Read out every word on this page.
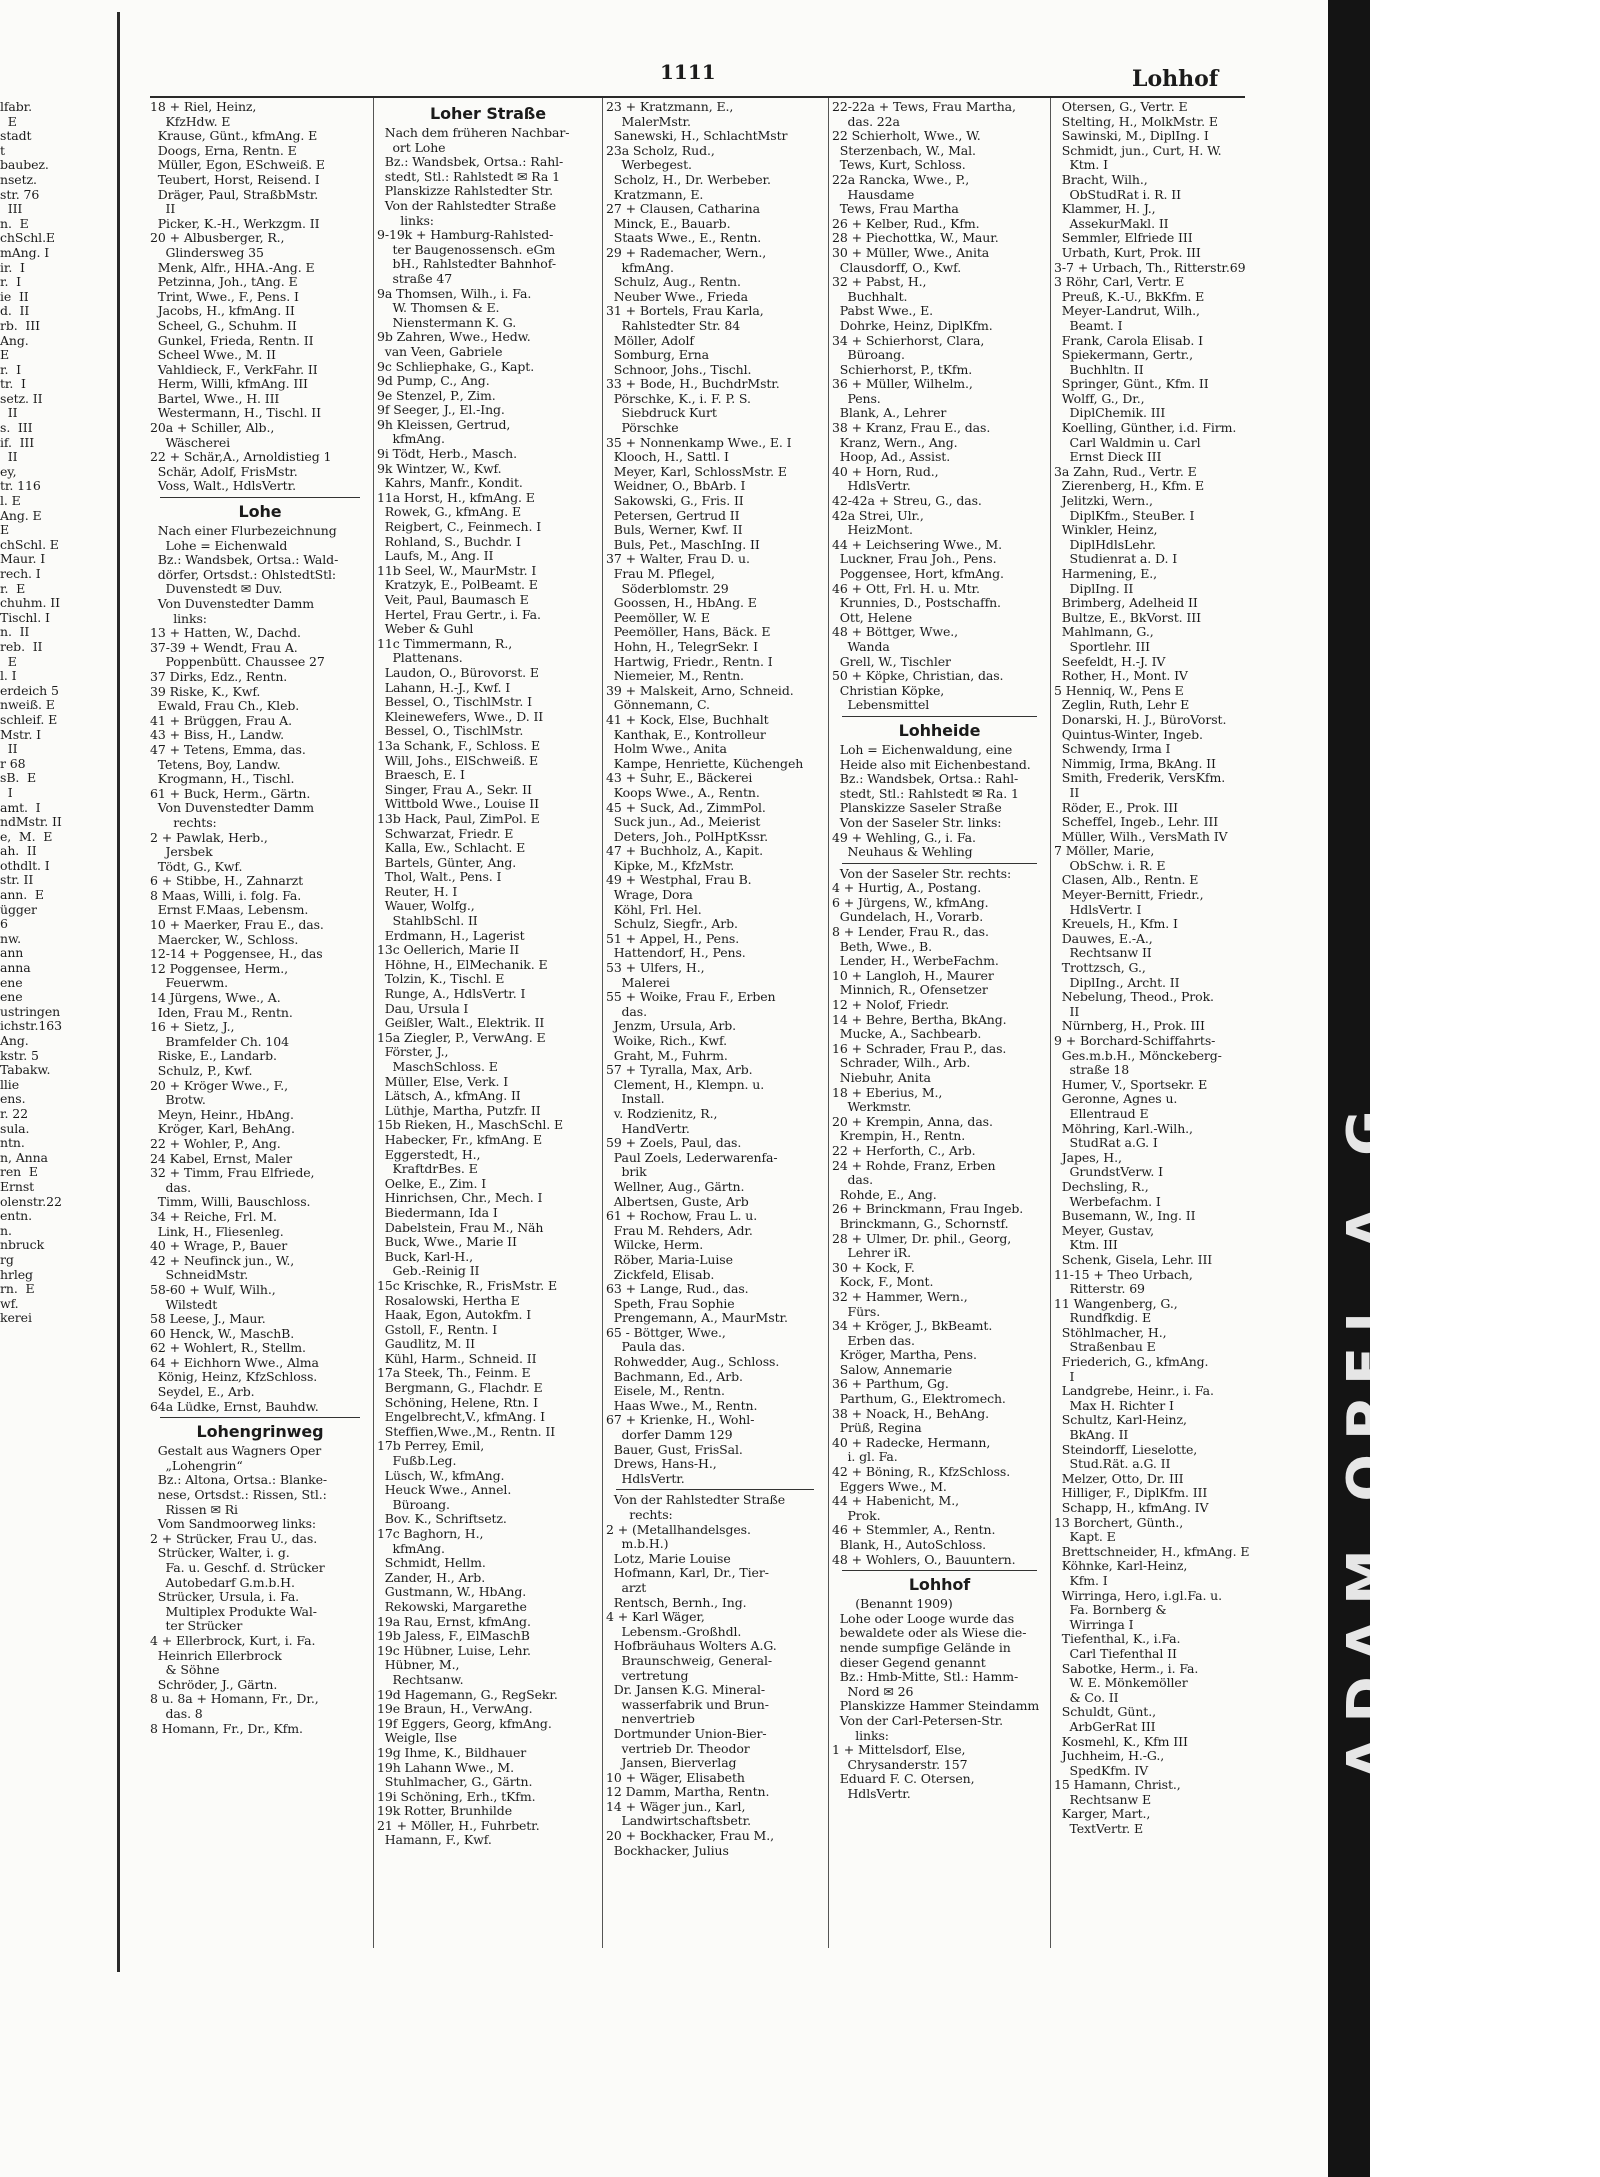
1111	Lohhof
lfabr.
E
stadt
t
baubez.
nsetz.
str. 76
III
n.  E
chSchl.E
mAng. I
ir.  I
r.  I
ie  II
d.  II
rb.  III
Ang.
E
r.  I
tr.  I
setz. II
II
s.  III
if.  III
II
ey,
tr. 116
l. E
Ang. E
E
chSchl. E
Maur. I
rech. I
r.  E
chuhm. II
Tischl. I
n.  II
reb.  II
E
l. I
erdeich 5
nweiß. E
schleif. E
Mstr. I
II
r 68
sB.  E
I
amt.  I
ndMstr. II
e,  M.  E
ah.  II
othdlt. I
str. II
ann.  E
ügger
6
nw.
ann
anna
ene
ene
ustringen
ichstr.163
Ang.
kstr. 5
Tabakw.
llie
ens.
r. 22
sula.
ntn.
n, Anna
ren  E
Ernst
olenstr.22
entn.
n.
nbruck
rg
hrleg
rn.  E
wf.
kerei
18 + Riel, Heinz,
KfzHdw. E
Krause, Günt., kfmAng. E
Doogs, Erna, Rentn. E
Müller, Egon, ESchweiß. E
Teubert, Horst, Reisend. I
Dräger, Paul, StraßbMstr.
II
Picker, K.-H., Werkzgm. II
20 + Albusberger, R.,
Glindersweg 35
Menk, Alfr., HHA.-Ang. E
Petzinna, Joh., tAng. E
Trint, Wwe., F., Pens. I
Jacobs, H., kfmAng. II
Scheel, G., Schuhm. II
Gunkel, Frieda, Rentn. II
Scheel Wwe., M. II
Vahldieck, F., VerkFahr. II
Herm, Willi, kfmAng. III
Bartel, Wwe., H. III
Westermann, H., Tischl. II
20a + Schiller, Alb.,
Wäscherei
22 + Schär,A., Arnoldistieg 1
Schär, Adolf, FrisMstr.
Voss, Walt., HdlsVertr.
Lohe
Nach einer Flurbezeichnung
Lohe = Eichenwald
Bz.: Wandsbek, Ortsa.: Wald-
dörfer, Ortsdst.: OhlstedtStl:
Duvenstedt ✉ Duv.
Von Duvenstedter Damm
links:
13 + Hatten, W., Dachd.
37-39 + Wendt, Frau A.
Poppenbütt. Chaussee 27
37 Dirks, Edz., Rentn.
39 Riske, K., Kwf.
Ewald, Frau Ch., Kleb.
41 + Brüggen, Frau A.
43 + Biss, H., Landw.
47 + Tetens, Emma, das.
Tetens, Boy, Landw.
Krogmann, H., Tischl.
61 + Buck, Herm., Gärtn.
Von Duvenstedter Damm
rechts:
2 + Pawlak, Herb.,
Jersbek
Tödt, G., Kwf.
6 + Stibbe, H., Zahnarzt
8 Maas, Willi, i. folg. Fa.
Ernst F.Maas, Lebensm.
10 + Maerker, Frau E., das.
Maercker, W., Schloss.
12-14 + Poggensee, H., das
12 Poggensee, Herm.,
Feuerwm.
14 Jürgens, Wwe., A.
Iden, Frau M., Rentn.
16 + Sietz, J.,
Bramfelder Ch. 104
Riske, E., Landarb.
Schulz, P., Kwf.
20 + Kröger Wwe., F.,
Brotw.
Meyn, Heinr., HbAng.
Kröger, Karl, BehAng.
22 + Wohler, P., Ang.
24 Kabel, Ernst, Maler
32 + Timm, Frau Elfriede,
das.
Timm, Willi, Bauschloss.
34 + Reiche, Frl. M.
Link, H., Fliesenleg.
40 + Wrage, P., Bauer
42 + Neufinck jun., W.,
SchneidMstr.
58-60 + Wulf, Wilh.,
Wilstedt
58 Leese, J., Maur.
60 Henck, W., MaschB.
62 + Wohlert, R., Stellm.
64 + Eichhorn Wwe., Alma
König, Heinz, KfzSchloss.
Seydel, E., Arb.
64a Lüdke, Ernst, Bauhdw.
Lohengrinweg
Gestalt aus Wagners Oper
„Lohengrin“
Bz.: Altona, Ortsa.: Blanke-
nese, Ortsdst.: Rissen, Stl.:
Rissen ✉ Ri
Vom Sandmoorweg links:
2 + Strücker, Frau U., das.
Strücker, Walter, i. g.
Fa. u. Geschf. d. Strücker
Autobedarf G.m.b.H.
Strücker, Ursula, i. Fa.
Multiplex Produkte Wal-
ter Strücker
4 + Ellerbrock, Kurt, i. Fa.
Heinrich Ellerbrock
& Söhne
Schröder, J., Gärtn.
8 u. 8a + Homann, Fr., Dr.,
das. 8
8 Homann, Fr., Dr., Kfm.
Loher Straße
Nach dem früheren Nachbar-
ort Lohe
Bz.: Wandsbek, Ortsa.: Rahl-
stedt, Stl.: Rahlstedt ✉ Ra 1
Planskizze Rahlstedter Str.
Von der Rahlstedter Straße
links:
9-19k + Hamburg-Rahlsted-
ter Baugenossensch. eGm
bH., Rahlstedter Bahnhof-
straße 47
9a Thomsen, Wilh., i. Fa.
W. Thomsen & E.
Nienstermann K. G.
9b Zahren, Wwe., Hedw.
van Veen, Gabriele
9c Schliephake, G., Kapt.
9d Pump, C., Ang.
9e Stenzel, P., Zim.
9f Seeger, J., El.-Ing.
9h Kleissen, Gertrud,
kfmAng.
9i Tödt, Herb., Masch.
9k Wintzer, W., Kwf.
Kahrs, Manfr., Kondit.
11a Horst, H., kfmAng. E
Rowek, G., kfmAng. E
Reigbert, C., Feinmech. I
Rohland, S., Buchdr. I
Laufs, M., Ang. II
11b Seel, W., MaurMstr. I
Kratzyk, E., PolBeamt. E
Veit, Paul, Baumasch E
Hertel, Frau Gertr., i. Fa.
Weber & Guhl
11c Timmermann, R.,
Plattenans.
Laudon, O., Bürovorst. E
Lahann, H.-J., Kwf. I
Bessel, O., TischlMstr. I
Kleinewefers, Wwe., D. II
Bessel, O., TischlMstr.
13a Schank, F., Schloss. E
Will, Johs., ElSchweiß. E
Braesch, E. I
Singer, Frau A., Sekr. II
Wittbold Wwe., Louise II
13b Hack, Paul, ZimPol. E
Schwarzat, Friedr. E
Kalla, Ew., Schlacht. E
Bartels, Günter, Ang.
Thol, Walt., Pens. I
Reuter, H. I
Wauer, Wolfg.,
StahlbSchl. II
Erdmann, H., Lagerist
13c Oellerich, Marie II
Höhne, H., ElMechanik. E
Tolzin, K., Tischl. E
Runge, A., HdlsVertr. I
Dau, Ursula I
Geißler, Walt., Elektrik. II
15a Ziegler, P., VerwAng. E
Förster, J.,
MaschSchloss. E
Müller, Else, Verk. I
Lätsch, A., kfmAng. II
Lüthje, Martha, Putzfr. II
15b Rieken, H., MaschSchl. E
Habecker, Fr., kfmAng. E
Eggerstedt, H.,
KraftdrBes. E
Oelke, E., Zim. I
Hinrichsen, Chr., Mech. I
Biedermann, Ida I
Dabelstein, Frau M., Näh
Buck, Wwe., Marie II
Buck, Karl-H.,
Geb.-Reinig II
15c Krischke, R., FrisMstr. E
Rosalowski, Hertha E
Haak, Egon, Autokfm. I
Gstoll, F., Rentn. I
Gaudlitz, M. II
Kühl, Harm., Schneid. II
17a Steek, Th., Feinm. E
Bergmann, G., Flachdr. E
Schöning, Helene, Rtn. I
Engelbrecht,V., kfmAng. I
Steffien,Wwe.,M., Rentn. II
17b Perrey, Emil,
Fußb.Leg.
Lüsch, W., kfmAng.
Heuck Wwe., Annel.
Büroang.
Bov. K., Schriftsetz.
17c Baghorn, H.,
kfmAng.
Schmidt, Hellm.
Zander, H., Arb.
Gustmann, W., HbAng.
Rekowski, Margarethe
19a Rau, Ernst, kfmAng.
19b Jaless, F., ElMaschB
19c Hübner, Luise, Lehr.
Hübner, M.,
Rechtsanw.
19d Hagemann, G., RegSekr.
19e Braun, H., VerwAng.
19f Eggers, Georg, kfmAng.
Weigle, Ilse
19g Ihme, K., Bildhauer
19h Lahann Wwe., M.
Stuhlmacher, G., Gärtn.
19i Schöning, Erh., tKfm.
19k Rotter, Brunhilde
21 + Möller, H., Fuhrbetr.
Hamann, F., Kwf.
23 + Kratzmann, E.,
MalerMstr.
Sanewski, H., SchlachtMstr
23a Scholz, Rud.,
Werbegest.
Scholz, H., Dr. Werbeber.
Kratzmann, E.
27 + Clausen, Catharina
Minck, E., Bauarb.
Staats Wwe., E., Rentn.
29 + Rademacher, Wern.,
kfmAng.
Schulz, Aug., Rentn.
Neuber Wwe., Frieda
31 + Bortels, Frau Karla,
Rahlstedter Str. 84
Möller, Adolf
Somburg, Erna
Schnoor, Johs., Tischl.
33 + Bode, H., BuchdrMstr.
Pörschke, K., i. F. P. S.
Siebdruck Kurt
Pörschke
35 + Nonnenkamp Wwe., E. I
Klooch, H., Sattl. I
Meyer, Karl, SchlossMstr. E
Weidner, O., BbArb. I
Sakowski, G., Fris. II
Petersen, Gertrud II
Buls, Werner, Kwf. II
Buls, Pet., MaschIng. II
37 + Walter, Frau D. u.
Frau M. Pflegel,
Söderblomstr. 29
Goossen, H., HbAng. E
Peemöller, W. E
Peemöller, Hans, Bäck. E
Hohn, H., TelegrSekr. I
Hartwig, Friedr., Rentn. I
Niemeier, M., Rentn.
39 + Malskeit, Arno, Schneid.
Gönnemann, C.
41 + Kock, Else, Buchhalt
Kanthak, E., Kontrolleur
Holm Wwe., Anita
Kampe, Henriette, Küchengeh
43 + Suhr, E., Bäckerei
Koops Wwe., A., Rentn.
45 + Suck, Ad., ZimmPol.
Suck jun., Ad., Meierist
Deters, Joh., PolHptKssr.
47 + Buchholz, A., Kapit.
Kipke, M., KfzMstr.
49 + Westphal, Frau B.
Wrage, Dora
Köhl, Frl. Hel.
Schulz, Siegfr., Arb.
51 + Appel, H., Pens.
Hattendorf, H., Pens.
53 + Ulfers, H.,
Malerei
55 + Woike, Frau F., Erben
das.
Jenzm, Ursula, Arb.
Woike, Rich., Kwf.
Graht, M., Fuhrm.
57 + Tyralla, Max, Arb.
Clement, H., Klempn. u.
Install.
v. Rodzienitz, R.,
HandVertr.
59 + Zoels, Paul, das.
Paul Zoels, Lederwarenfa-
brik
Wellner, Aug., Gärtn.
Albertsen, Guste, Arb
61 + Rochow, Frau L. u.
Frau M. Rehders, Adr.
Wilcke, Herm.
Röber, Maria-Luise
Zickfeld, Elisab.
63 + Lange, Rud., das.
Speth, Frau Sophie
Prengemann, A., MaurMstr.
65 - Böttger, Wwe.,
Paula das.
Rohwedder, Aug., Schloss.
Bachmann, Ed., Arb.
Eisele, M., Rentn.
Haas Wwe., M., Rentn.
67 + Krienke, H., Wohl-
dorfer Damm 129
Bauer, Gust, FrisSal.
Drews, Hans-H.,
HdlsVertr.
Von der Rahlstedter Straße
rechts:
2 + (Metallhandelsges.
m.b.H.)
Lotz, Marie Louise
Hofmann, Karl, Dr., Tier-
arzt
Rentsch, Bernh., Ing.
4 + Karl Wäger,
Lebensm.-Großhdl.
Hofbräuhaus Wolters A.G.
Braunschweig, General-
vertretung
Dr. Jansen K.G. Mineral-
wasserfabrik und Brun-
nenvertrieb
Dortmunder Union-Bier-
vertrieb Dr. Theodor
Jansen, Bierverlag
10 + Wäger, Elisabeth
12 Damm, Martha, Rentn.
14 + Wäger jun., Karl,
Landwirtschaftsbetr.
20 + Bockhacker, Frau M.,
Bockhacker, Julius
22-22a + Tews, Frau Martha,
das. 22a
22 Schierholt, Wwe., W.
Sterzenbach, W., Mal.
Tews, Kurt, Schloss.
22a Rancka, Wwe., P.,
Hausdame
Tews, Frau Martha
26 + Kelber, Rud., Kfm.
28 + Piechottka, W., Maur.
30 + Müller, Wwe., Anita
Clausdorff, O., Kwf.
32 + Pabst, H.,
Buchhalt.
Pabst Wwe., E.
Dohrke, Heinz, DiplKfm.
34 + Schierhorst, Clara,
Büroang.
Schierhorst, P., tKfm.
36 + Müller, Wilhelm.,
Pens.
Blank, A., Lehrer
38 + Kranz, Frau E., das.
Kranz, Wern., Ang.
Hoop, Ad., Assist.
40 + Horn, Rud.,
HdlsVertr.
42-42a + Streu, G., das.
42a Strei, Ulr.,
HeizMont.
44 + Leichsering Wwe., M.
Luckner, Frau Joh., Pens.
Poggensee, Hort, kfmAng.
46 + Ott, Frl. H. u. Mtr.
Krunnies, D., Postschaffn.
Ott, Helene
48 + Böttger, Wwe.,
Wanda
Grell, W., Tischler
50 + Köpke, Christian, das.
Christian Köpke,
Lebensmittel
Lohheide
Loh = Eichenwaldung, eine
Heide also mit Eichenbestand.
Bz.: Wandsbek, Ortsa.: Rahl-
stedt, Stl.: Rahlstedt ✉ Ra. 1
Planskizze Saseler Straße
Von der Saseler Str. links:
49 + Wehling, G., i. Fa.
Neuhaus & Wehling
Von der Saseler Str. rechts:
4 + Hurtig, A., Postang.
6 + Jürgens, W., kfmAng.
Gundelach, H., Vorarb.
8 + Lender, Frau R., das.
Beth, Wwe., B.
Lender, H., WerbeFachm.
10 + Langloh, H., Maurer
Minnich, R., Ofensetzer
12 + Nolof, Friedr.
14 + Behre, Bertha, BkAng.
Mucke, A., Sachbearb.
16 + Schrader, Frau P., das.
Schrader, Wilh., Arb.
Niebuhr, Anita
18 + Eberius, M.,
Werkmstr.
20 + Krempin, Anna, das.
Krempin, H., Rentn.
22 + Herforth, C., Arb.
24 + Rohde, Franz, Erben
das.
Rohde, E., Ang.
26 + Brinckmann, Frau Ingeb.
Brinckmann, G., Schornstf.
28 + Ulmer, Dr. phil., Georg,
Lehrer iR.
30 + Kock, F.
Kock, F., Mont.
32 + Hammer, Wern.,
Fürs.
34 + Kröger, J., BkBeamt.
Erben das.
Kröger, Martha, Pens.
Salow, Annemarie
36 + Parthum, Gg.
Parthum, G., Elektromech.
38 + Noack, H., BehAng.
Prüß, Regina
40 + Radecke, Hermann,
i. gl. Fa.
42 + Böning, R., KfzSchloss.
Eggers Wwe., M.
44 + Habenicht, M.,
Prok.
46 + Stemmler, A., Rentn.
Blank, H., AutoSchloss.
48 + Wohlers, O., Bauuntern.
Lohhof
(Benannt 1909)
Lohe oder Looge wurde das
bewaldete oder als Wiese die-
nende sumpfige Gelände in
dieser Gegend genannt
Bz.: Hmb-Mitte, Stl.: Hamm-
Nord ✉ 26
Planskizze Hammer Steindamm
Von der Carl-Petersen-Str.
links:
1 + Mittelsdorf, Else,
Chrysanderstr. 157
Eduard F. C. Otersen,
HdlsVertr.
Otersen, G., Vertr. E
Stelting, H., MolkMstr. E
Sawinski, M., DiplIng. I
Schmidt, jun., Curt, H. W.
Ktm. I
Bracht, Wilh.,
ObStudRat i. R. II
Klammer, H. J.,
AssekurMakl. II
Semmler, Elfriede III
Urbath, Kurt, Prok. III
3-7 + Urbach, Th., Ritterstr.69
3 Röhr, Carl, Vertr. E
Preuß, K.-U., BkKfm. E
Meyer-Landrut, Wilh.,
Beamt. I
Frank, Carola Elisab. I
Spiekermann, Gertr.,
Buchhltn. II
Springer, Günt., Kfm. II
Wolff, G., Dr.,
DiplChemik. III
Koelling, Günther, i.d. Firm.
Carl Waldmin u. Carl
Ernst Dieck III
3a Zahn, Rud., Vertr. E
Zierenberg, H., Kfm. E
Jelitzki, Wern.,
DiplKfm., SteuBer. I
Winkler, Heinz,
DiplHdlsLehr.
Studienrat a. D. I
Harmening, E.,
DiplIng. II
Brimberg, Adelheid II
Bultze, E., BkVorst. III
Mahlmann, G.,
Sportlehr. III
Seefeldt, H.-J. IV
Rother, H., Mont. IV
5 Henniq, W., Pens E
Zeglin, Ruth, Lehr E
Donarski, H. J., BüroVorst.
Quintus-Winter, Ingeb.
Schwendy, Irma I
Nimmig, Irma, BkAng. II
Smith, Frederik, VersKfm.
II
Röder, E., Prok. III
Scheffel, Ingeb., Lehr. III
Müller, Wilh., VersMath IV
7 Möller, Marie,
ObSchw. i. R. E
Clasen, Alb., Rentn. E
Meyer-Bernitt, Friedr.,
HdlsVertr. I
Kreuels, H., Kfm. I
Dauwes, E.-A.,
Rechtsanw II
Trottzsch, G.,
DiplIng., Archt. II
Nebelung, Theod., Prok.
II
Nürnberg, H., Prok. III
9 + Borchard-Schiffahrts-
Ges.m.b.H., Mönckeberg-
straße 18
Humer, V., Sportsekr. E
Geronne, Agnes u.
Ellentraud E
Möhring, Karl.-Wilh.,
StudRat a.G. I
Japes, H.,
GrundstVerw. I
Dechsling, R.,
Werbefachm. I
Busemann, W., Ing. II
Meyer, Gustav,
Ktm. III
Schenk, Gisela, Lehr. III
11-15 + Theo Urbach,
Ritterstr. 69
11 Wangenberg, G.,
Rundfkdig. E
Stöhlmacher, H.,
Straßenbau E
Friederich, G., kfmAng.
I
Landgrebe, Heinr., i. Fa.
Max H. Richter I
Schultz, Karl-Heinz,
BkAng. II
Steindorff, Lieselotte,
Stud.Rät. a.G. II
Melzer, Otto, Dr. III
Hilliger, F., DiplKfm. III
Schapp, H., kfmAng. IV
13 Borchert, Günth.,
Kapt. E
Brettschneider, H., kfmAng. E
Köhnke, Karl-Heinz,
Kfm. I
Wirringa, Hero, i.gl.Fa. u.
Fa. Bornberg &
Wirringa I
Tiefenthal, K., i.Fa.
Carl Tiefenthal II
Sabotke, Herm., i. Fa.
W. E. Mönkemöller
& Co. II
Schuldt, Günt.,
ArbGerRat III
Kosmehl, K., Kfm III
Juchheim, H.-G.,
SpedKfm. IV
15 Hamann, Christ.,
Rechtsanw E
Karger, Mart.,
TextVertr. E
